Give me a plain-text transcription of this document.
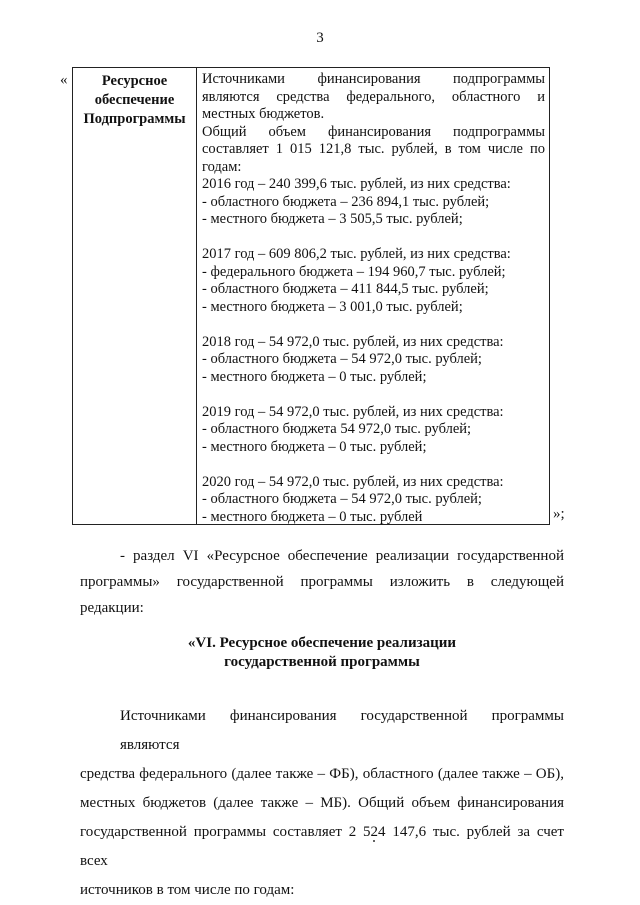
3
«	Ресурсное
обеспечение
Подпрограммы
Источниками финансирования подпрограммы
являются средства федерального, областного и
местных бюджетов.
Общий объем финансирования подпрограммы
составляет 1 015 121,8 тыс. рублей, в том числе по
годам:
2016 год – 240 399,6 тыс. рублей, из них средства:
- областного бюджета – 236 894,1 тыс. рублей;
- местного бюджета – 3 505,5 тыс. рублей;
2017 год – 609 806,2 тыс. рублей, из них средства:
- федерального бюджета – 194 960,7 тыс. рублей;
- областного бюджета – 411 844,5 тыс. рублей;
- местного бюджета – 3 001,0 тыс. рублей;
2018 год – 54 972,0 тыс. рублей, из них средства:
- областного бюджета – 54 972,0 тыс. рублей;
- местного бюджета – 0 тыс. рублей;
2019 год – 54 972,0 тыс. рублей, из них средства:
- областного бюджета 54 972,0 тыс. рублей;
- местного бюджета – 0 тыс. рублей;
2020 год – 54 972,0 тыс. рублей, из них средства:
- областного бюджета – 54 972,0 тыс. рублей;
- местного бюджета – 0 тыс. рублей	»;
- раздел VI «Ресурсное обеспечение реализации государственной
программы» государственной программы изложить в следующей
редакции:
«VI. Ресурсное обеспечение реализации
государственной программы
Источниками финансирования государственной программы являются
средства федерального (далее также – ФБ), областного (далее также – ОБ),
местных бюджетов (далее также – МБ). Общий объем финансирования
государственной программы составляет 2 524 147,6 тыс. рублей за счет всех
источников в том числе по годам:
